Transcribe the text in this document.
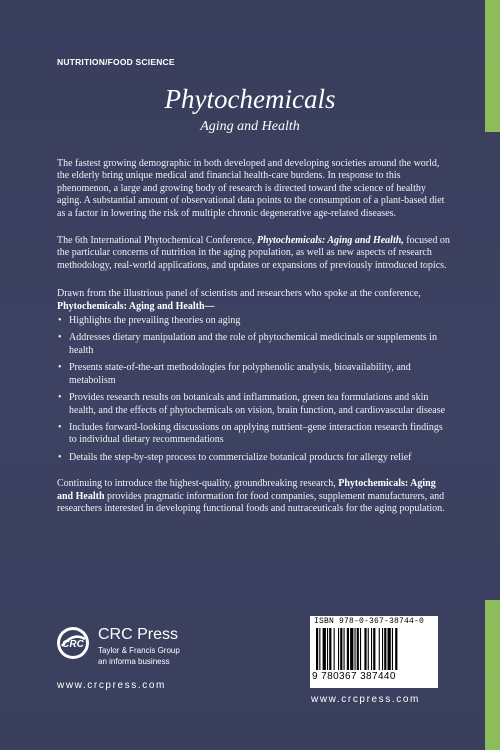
NUTRITION/FOOD SCIENCE
Phytochemicals
Aging and Health

The fastest growing demographic in both developed and developing societies around the world, the elderly bring unique medical and financial health-care burdens. In response to this phenomenon, a large and growing body of research is directed toward the science of healthy aging. A substantial amount of observational data points to the consumption of a plant-based diet as a factor in lowering the risk of multiple chronic degenerative age-related diseases.

The 6th International Phytochemical Conference, Phytochemicals: Aging and Health, focused on the particular concerns of nutrition in the aging population, as well as new aspects of research methodology, real-world applications, and updates or expansions of previously introduced topics.

Drawn from the illustrious panel of scientists and researchers who spoke at the conference, Phytochemicals: Aging and Health—

• Highlights the prevailing theories on aging
• Addresses dietary manipulation and the role of phytochemical medicinals or supplements in health
• Presents state-of-the-art methodologies for polyphenolic analysis, bioavailability, and metabolism
• Provides research results on botanicals and inflammation, green tea formulations and skin health, and the effects of phytochemicals on vision, brain function, and cardiovascular disease
• Includes forward-looking discussions on applying nutrient–gene interaction research findings to individual dietary recommendations
• Details the step-by-step process to commercialize botanical products for allergy relief

Continuing to introduce the highest-quality, groundbreaking research, Phytochemicals: Aging and Health provides pragmatic information for food companies, supplement manufacturers, and researchers interested in developing functional foods and nutraceuticals for the aging population.

CRC
CRC Press
Taylor & Francis Group
an informa business
www.crcpress.com
ISBN 978-0-367-38744-0
9 780367 387440
www.crcpress.com
